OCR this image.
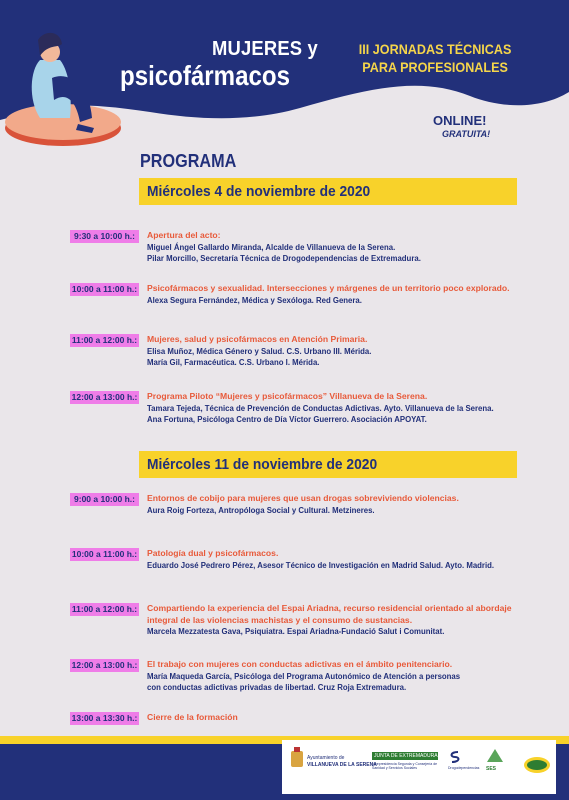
MUJERES y
psicofármacos
III JORNADAS TÉCNICAS
PARA PROFESIONALES
ONLINE!
GRATUITA!
PROGRAMA
Miércoles 4 de noviembre de 2020
Miércoles 11 de noviembre de 2020
9:30 a 10:00 h.:	Apertura del acto:
Miguel Ángel Gallardo Miranda, Alcalde de Villanueva de la Serena.
Pilar Morcillo, Secretaría Técnica de Drogodependencias de Extremadura.
10:00 a 11:00 h.: Psicofármacos y sexualidad. Intersecciones y márgenes de un territorio poco explorado.
Alexa Segura Fernández, Médica y Sexóloga. Red Genera.
11:00 a 12:00 h.: Mujeres, salud y psicofármacos en Atención Primaria.
Elisa Muñoz, Médica Género y Salud. C.S. Urbano III. Mérida.
María Gil, Farmacéutica. C.S. Urbano I. Mérida.
12:00 a 13:00 h.: Programa Piloto “Mujeres y psicofármacos” Villanueva de la Serena.
Tamara Tejeda, Técnica de Prevención de Conductas Adictivas. Ayto. Villanueva de la Serena.
Ana Fortuna, Psicóloga Centro de Día Víctor Guerrero. Asociación APOYAT.
9:00 a 10:00 h.:	Entornos de cobijo para mujeres que usan drogas sobreviviendo violencias.
Aura Roig Forteza, Antropóloga Social y Cultural. Metzineres.
10:00 a 11:00 h.: Patología dual y psicofármacos.
Eduardo José Pedrero Pérez, Asesor Técnico de Investigación en Madrid Salud. Ayto. Madrid.
11:00 a 12:00 h.: Compartiendo la experiencia del Espai Ariadna, recurso residencial orientado al abordaje integral de las violencias machistas y el consumo de sustancias.
Marcela Mezzatesta Gava, Psiquiatra. Espai Ariadna-Fundació Salut i Comunitat.
12:00 a 13:00 h.: El trabajo con mujeres con conductas adictivas en el ámbito penitenciario.
María Maqueda García, Psicóloga del Programa Autonómico de Atención a personas
con conductas adictivas privadas de libertad. Cruz Roja Extremadura.
13:00 a 13:30 h.: Cierre de la formación
Ayuntamiento de
VILLANUEVA DE LA SERENA
JUNTA DE EXTREMADURA
Vicepresidencia Segunda y Consejería de Sanidad y Servicios Sociales	Drogodependencias SES
